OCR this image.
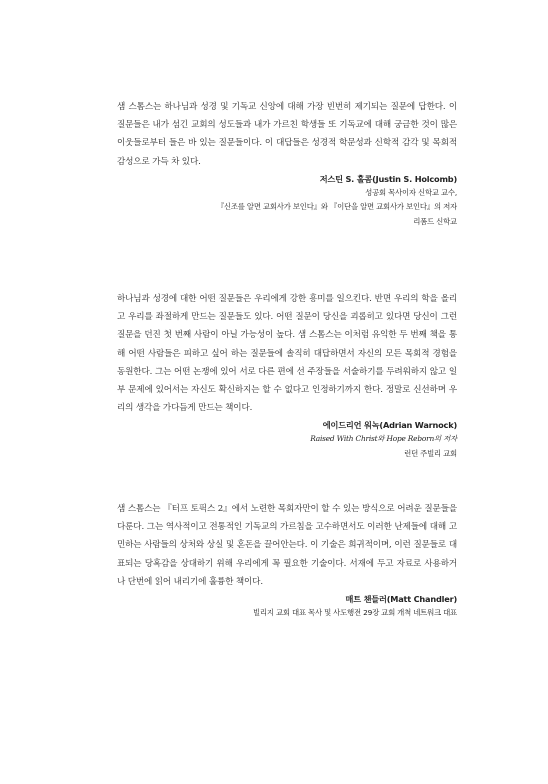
샘 스톰스는 하나님과 성경 및 기독교 신앙에 대해 가장 빈번히 제기되는 질문에 답한다. 이 질문들은 내가 섬긴 교회의 성도들과 내가 가르친 학생들 또 기독교에 대해 궁금한 것이 많은 이웃들로부터 들은 바 있는 질문들이다. 이 대답들은 성경적 학문성과 신학적 감각 및 목회적 감성으로 가득 차 있다.

저스틴 S. 홀콤(Justin S. Holcomb)
성공회 목사이자 신학교 교수,
『신조를 알면 교회사가 보인다』와 『이단을 알면 교회사가 보인다』의 저자
리폼드 신학교

하나님과 성경에 대한 어떤 질문들은 우리에게 강한 흥미를 일으킨다. 반면 우리의 학을 올리고 우리를 좌절하게 만드는 질문들도 있다. 어떤 질문이 당신을 괴롭히고 있다면 당신이 그런 질문을 던진 첫 번째 사람이 아닐 가능성이 높다. 샘 스톰스는 이처럼 유익한 두 번째 책을 통해 어떤 사람들은 피하고 싶어 하는 질문들에 솔직히 대답하면서 자신의 모든 목회적 경험을 동원한다. 그는 어떤 논쟁에 있어 서로 다른 편에 선 주장들을 서술하기를 두려워하지 않고 일부 문제에 있어서는 자신도 확신하지는 할 수 없다고 인정하기까지 한다. 정말로 신선하며 우리의 생각을 가다듬게 만드는 책이다.

에이드리언 워녹(Adrian Warnock)
Raised With Christ와 Hope Reborn의 저자
런던 주빌리 교회

샘 스톰스는 『터프 토픽스 2』에서 노련한 목회자만이 할 수 있는 방식으로 어려운 질문들을 다룬다. 그는 역사적이고 전통적인 기독교의 가르침을 고수하면서도 이러한 난제들에 대해 고민하는 사람들의 상처와 상실 및 혼돈을 끌어안는다. 이 기술은 희귀적이며, 이런 질문들로 대표되는 당혹감을 상대하기 위해 우리에게 꼭 필요한 기술이다. 서재에 두고 자료로 사용하거나 단번에 읽어 내리기에 훌륭한 책이다.

매트 챈들러(Matt Chandler)
빌리지 교회 대표 목사 및 사도행전 29장 교회 개척 네트워크 대표
